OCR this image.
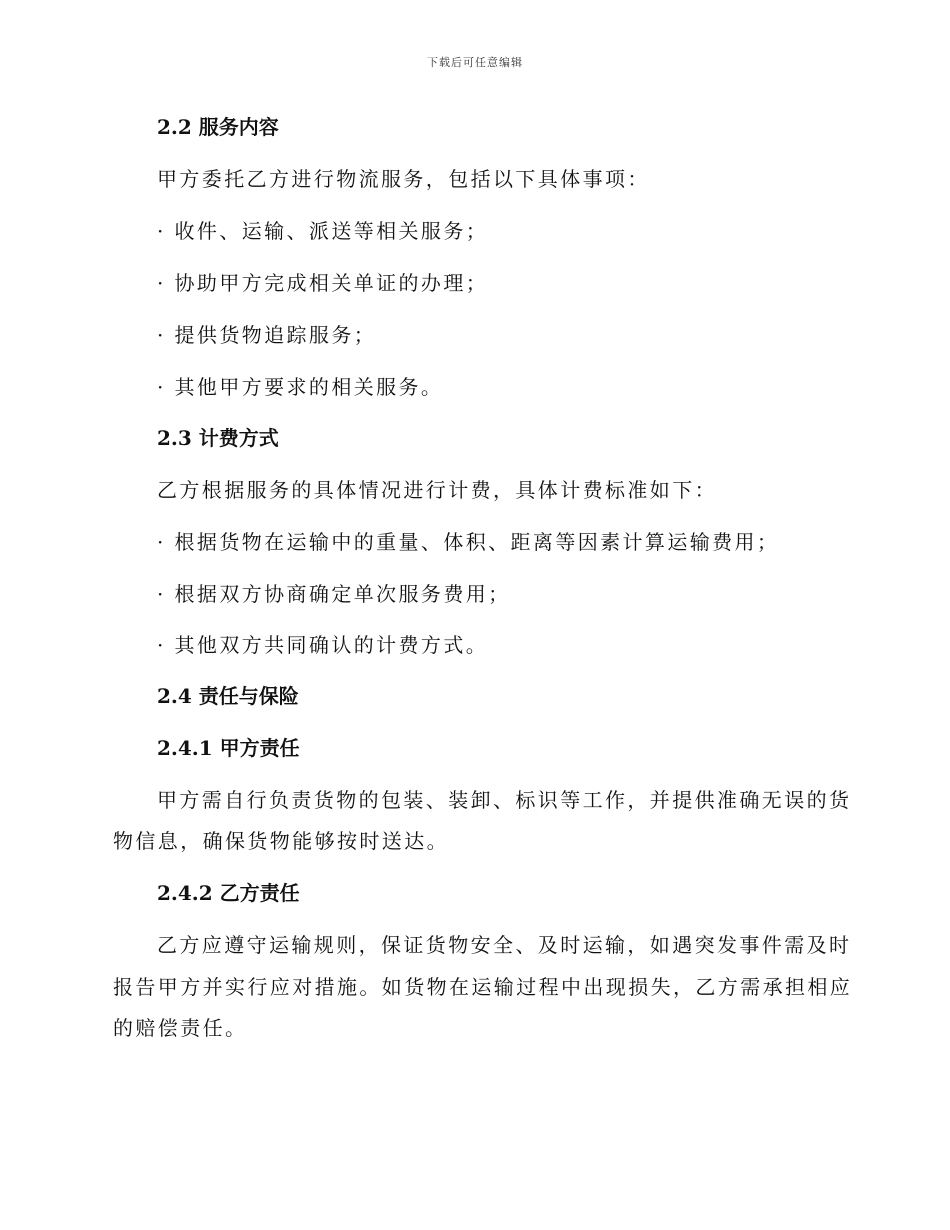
下载后可任意编辑
2.2 服务内容
甲方委托乙方进行物流服务，包括以下具体事项：
· 收件、运输、派送等相关服务；
· 协助甲方完成相关单证的办理；
· 提供货物追踪服务；
· 其他甲方要求的相关服务。
2.3 计费方式
乙方根据服务的具体情况进行计费，具体计费标准如下：
· 根据货物在运输中的重量、体积、距离等因素计算运输费用；
· 根据双方协商确定单次服务费用；
· 其他双方共同确认的计费方式。
2.4 责任与保险
2.4.1 甲方责任
甲方需自行负责货物的包装、装卸、标识等工作，并提供准确无误的货
物信息，确保货物能够按时送达。
2.4.2 乙方责任
乙方应遵守运输规则，保证货物安全、及时运输，如遇突发事件需及时
报告甲方并实行应对措施。如货物在运输过程中出现损失，乙方需承担相应
的赔偿责任。
